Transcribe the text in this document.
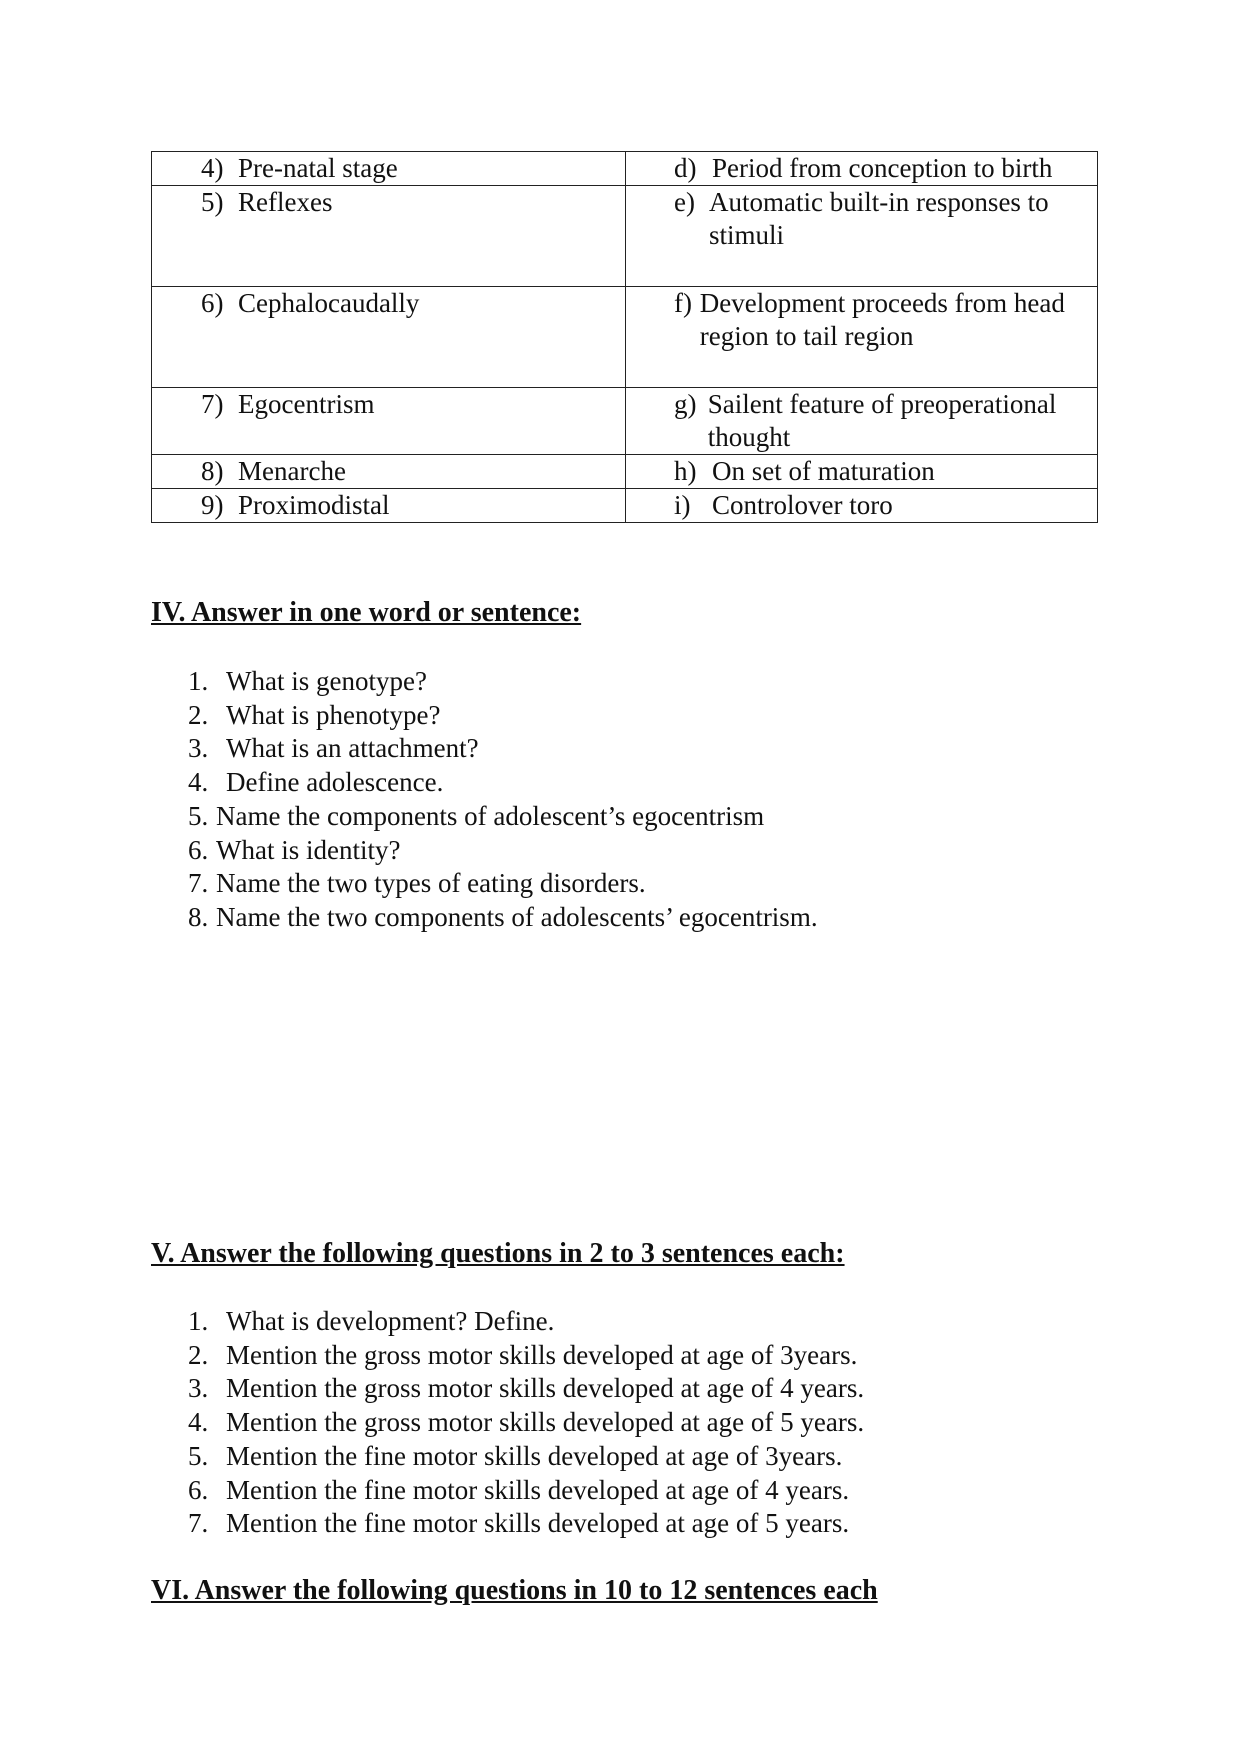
4) Pre-natal stage	d) Period from conception to birth

5) Reflexes	e) Automatic built-in responses to stimuli

6) Cephalocaudally	f) Development proceeds from head region to tail region

7) Egocentrism	g) Sailent feature of preoperational thought

8) Menarche	h) On set of maturation

9) Proximodistal	i) Controlover toro
IV. Answer in one word or sentence:
1. What is genotype?
2. What is phenotype?
3. What is an attachment?
4. Define adolescence.
5. Name the components of adolescent’s egocentrism
6. What is identity?
7. Name the two types of eating disorders.
8. Name the two components of adolescents’ egocentrism.
V. Answer the following questions in 2 to 3 sentences each:
1. What is development? Define.
2. Mention the gross motor skills developed at age of 3years.
3. Mention the gross motor skills developed at age of 4 years.
4. Mention the gross motor skills developed at age of 5 years.
5. Mention the fine motor skills developed at age of 3years.
6. Mention the fine motor skills developed at age of 4 years.
7. Mention the fine motor skills developed at age of 5 years.
VI. Answer the following questions in 10 to 12 sentences each
